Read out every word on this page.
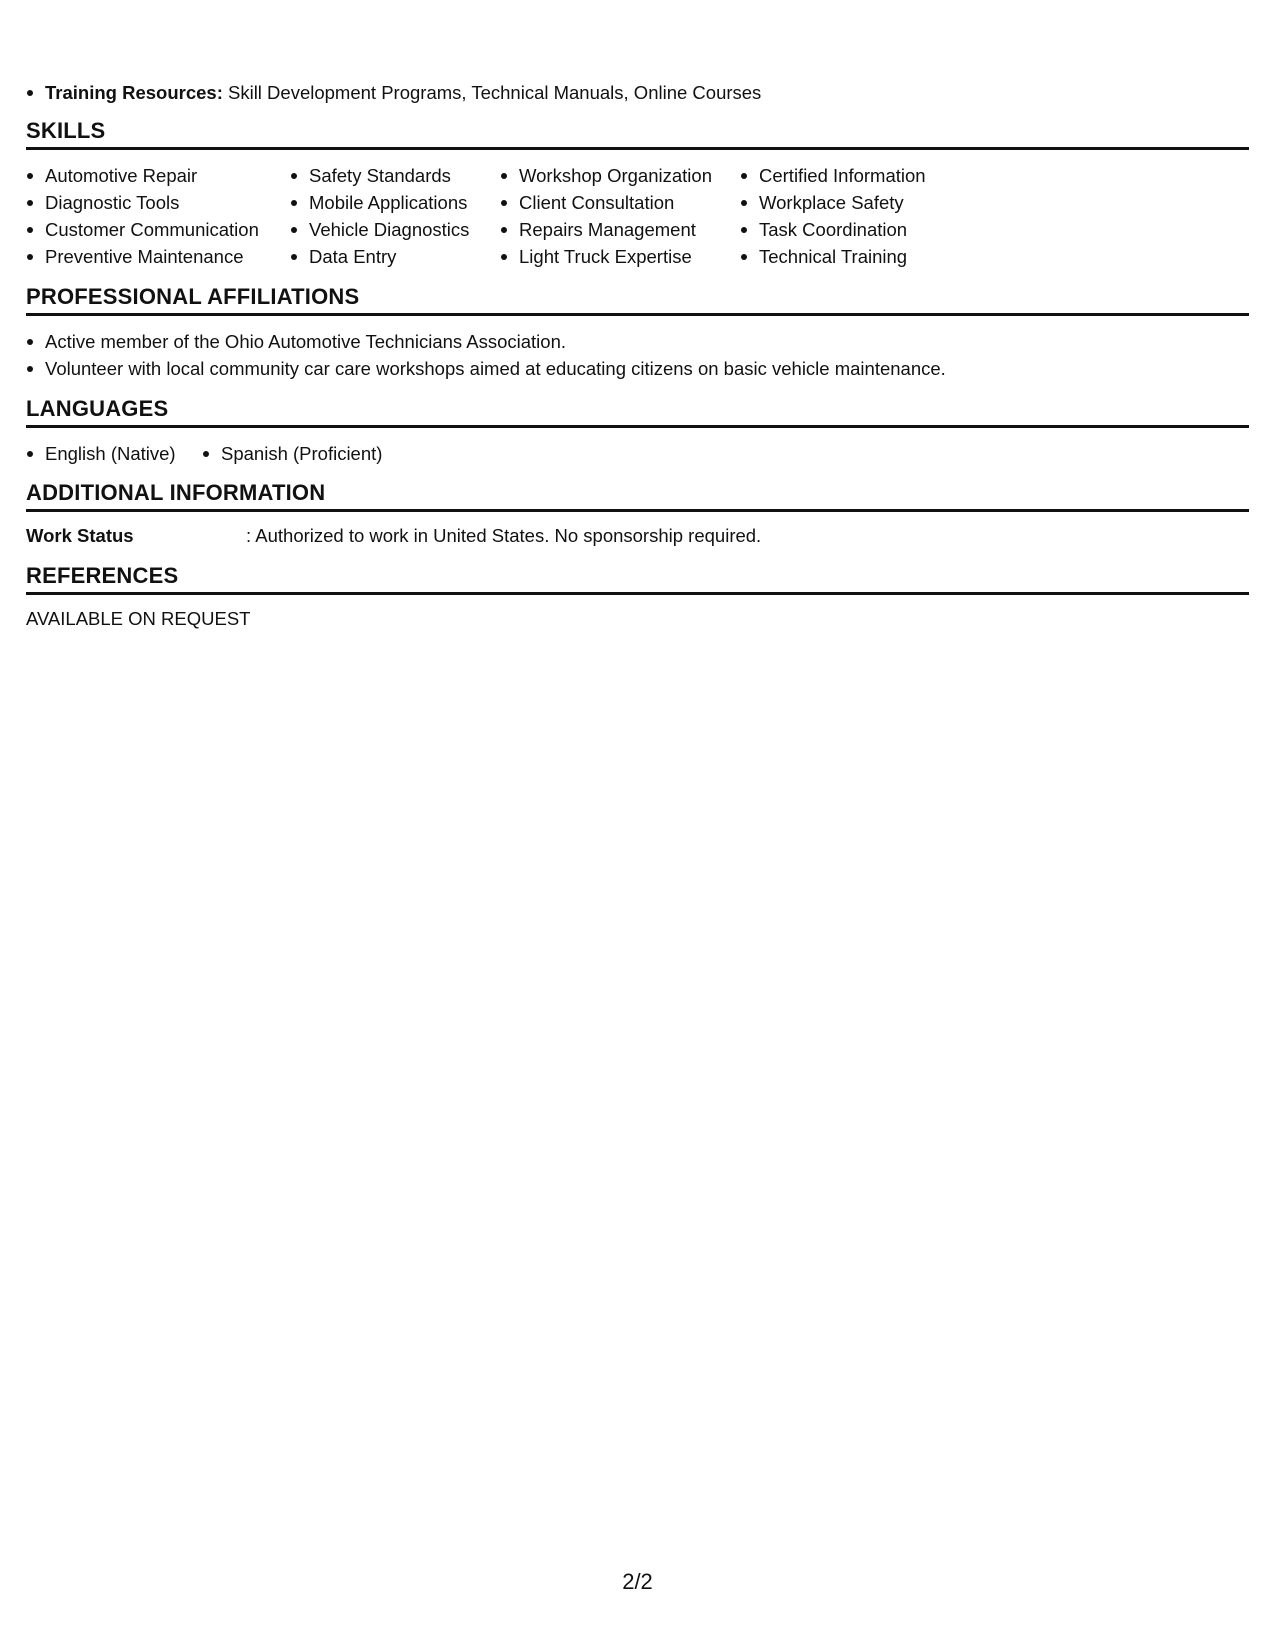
Training Resources: Skill Development Programs, Technical Manuals, Online Courses
SKILLS
Automotive Repair
Diagnostic Tools
Customer Communication
Preventive Maintenance
Safety Standards
Mobile Applications
Vehicle Diagnostics
Data Entry
Workshop Organization
Client Consultation
Repairs Management
Light Truck Expertise
Certified Information
Workplace Safety
Task Coordination
Technical Training
PROFESSIONAL AFFILIATIONS
Active member of the Ohio Automotive Technicians Association.
Volunteer with local community car care workshops aimed at educating citizens on basic vehicle maintenance.
LANGUAGES
English (Native)	Spanish (Proficient)
ADDITIONAL INFORMATION
Work Status	: Authorized to work in United States. No sponsorship required.
REFERENCES
AVAILABLE ON REQUEST
2/2
